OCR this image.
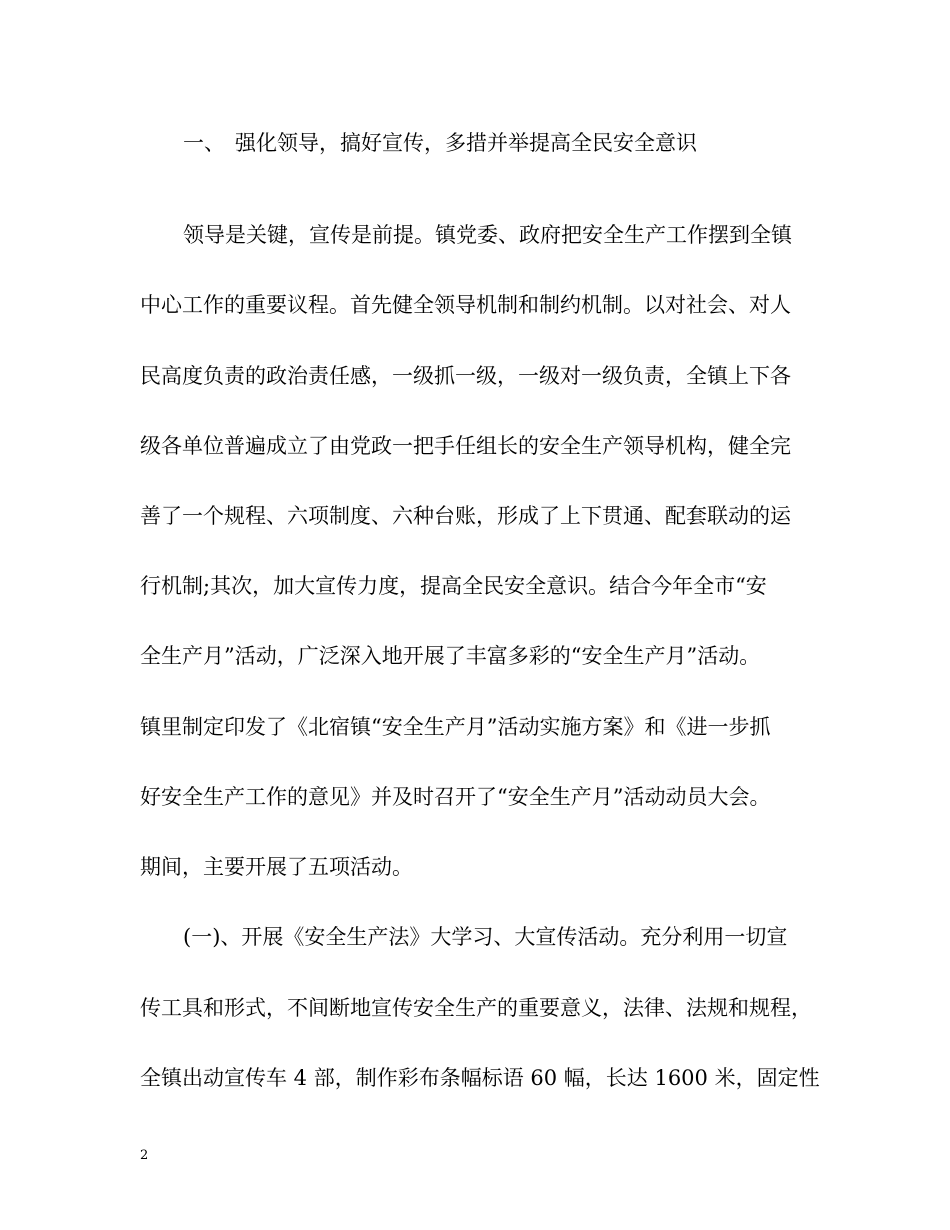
一、 强化领导，搞好宣传，多措并举提高全民安全意识
领导是关键，宣传是前提。镇党委、政府把安全生产工作摆到全镇
中心工作的重要议程。首先健全领导机制和制约机制。以对社会、对人
民高度负责的政治责任感，一级抓一级，一级对一级负责，全镇上下各
级各单位普遍成立了由党政一把手任组长的安全生产领导机构，健全完
善了一个规程、六项制度、六种台账，形成了上下贯通、配套联动的运
行机制;其次，加大宣传力度，提高全民安全意识。结合今年全市“安
全生产月”活动，广泛深入地开展了丰富多彩的“安全生产月”活动。
镇里制定印发了《北宿镇“安全生产月”活动实施方案》和《进一步抓
好安全生产工作的意见》并及时召开了“安全生产月”活动动员大会。
期间，主要开展了五项活动。
(一)、开展《安全生产法》大学习、大宣传活动。充分利用一切宣
传工具和形式，不间断地宣传安全生产的重要意义，法律、法规和规程，
全镇出动宣传车 4 部，制作彩布条幅标语 60 幅，长达 1600 米，固定性
2
